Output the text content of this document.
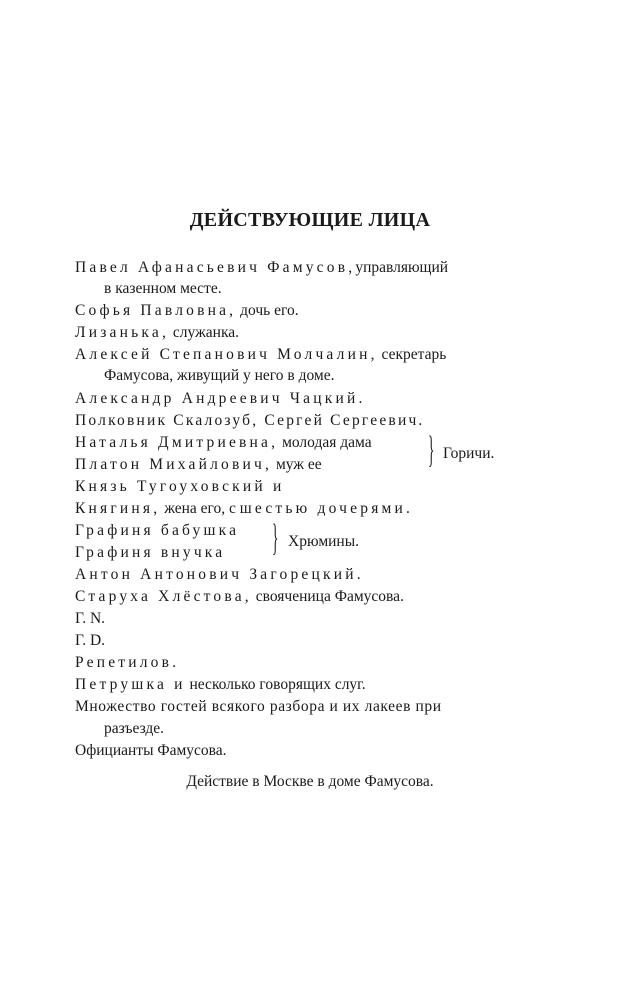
ДЕЙСТВУЮЩИЕ ЛИЦА
Павел Афанасьевич Фамусов,управляющий
в казенном месте.
Софья Павловна, дочь его.
Лизанька, служанка.
Алексей Степанович Молчалин, секретарь
Фамусова, живущий у него в доме.
Александр Андреевич Чацкий.
Полковник Скалозуб, Сергей Сергеевич.
Наталья Дмитриевна, молодая дама
Платон Михайлович, муж ее	} Горичи.
Князь Тугоуховский и
Княгиня, жена его, с шестью дочерями.
Графиня бабушка
Графиня внучка } Хрюмины.
Антон Антонович Загорецкий.
Старуха Хлёстова, свояченица Фамусова.
Г. N.
Г. D.
Репетилов.
Петрушка и несколько говорящих слуг.
Множество гостей всякого разбора и их лакеев при
разъезде.
Официанты Фамусова.
Действие в Москве в доме Фамусова.
